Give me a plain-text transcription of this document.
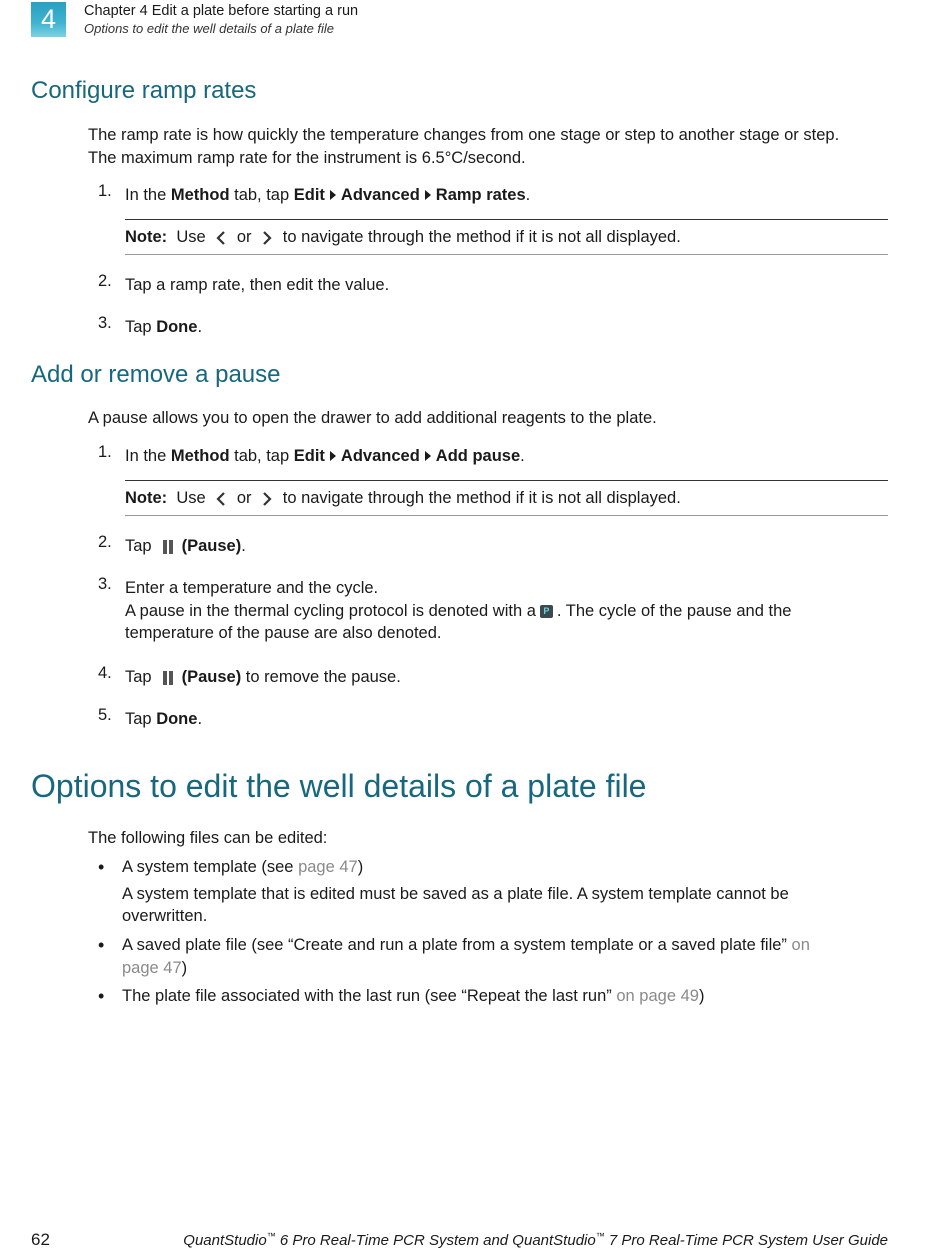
4	Chapter 4 Edit a plate before starting a run
Options to edit the well details of a plate file
Configure ramp rates

The ramp rate is how quickly the temperature changes from one stage or step to another stage or step.
The maximum ramp rate for the instrument is 6.5°C/second.

1. In the Method tab, tap Edit Advanced Ramp rates.
Note: Use or to navigate through the method if it is not all displayed.
2. Tap a ramp rate, then edit the value.
3. Tap Done.
Add or remove a pause

A pause allows you to open the drawer to add additional reagents to the plate.

1. In the Method tab, tap Edit Advanced Add pause.
Note: Use or to navigate through the method if it is not all displayed.
2. Tap (Pause).
3. Enter a temperature and the cycle.
A pause in the thermal cycling protocol is denoted with a P . The cycle of the pause and the
temperature of the pause are also denoted.
4. Tap (Pause) to remove the pause.
5. Tap Done.
Options to edit the well details of a plate file

The following files can be edited:

• A system template (see page 47)
A system template that is edited must be saved as a plate file. A system template cannot be
overwritten.
• A saved plate file (see “Create and run a plate from a system template or a saved plate file” on
page 47)
• The plate file associated with the last run (see “Repeat the last run” on page 49)
62	QuantStudio™ 6 Pro Real-Time PCR System and QuantStudio™ 7 Pro Real-Time PCR System User Guide
